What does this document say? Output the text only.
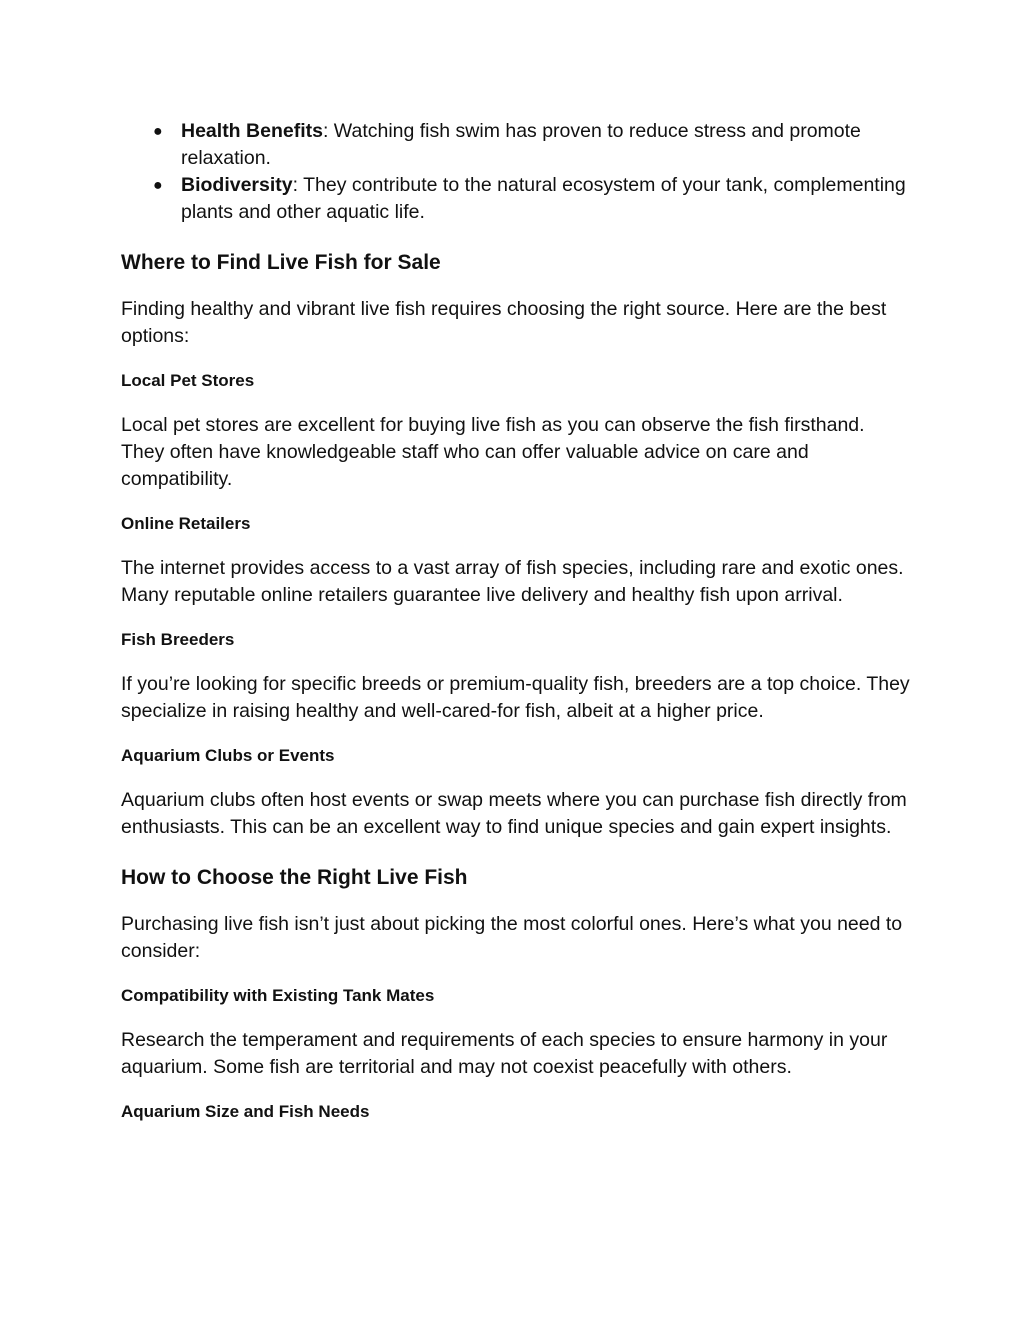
● Health Benefits: Watching fish swim has proven to reduce stress and promote relaxation.
● Biodiversity: They contribute to the natural ecosystem of your tank, complementing plants and other aquatic life.
Where to Find Live Fish for Sale

Finding healthy and vibrant live fish requires choosing the right source. Here are the best options:

Local Pet Stores

Local pet stores are excellent for buying live fish as you can observe the fish firsthand. They often have knowledgeable staff who can offer valuable advice on care and compatibility.

Online Retailers

The internet provides access to a vast array of fish species, including rare and exotic ones. Many reputable online retailers guarantee live delivery and healthy fish upon arrival.

Fish Breeders

If you’re looking for specific breeds or premium-quality fish, breeders are a top choice. They specialize in raising healthy and well-cared-for fish, albeit at a higher price.

Aquarium Clubs or Events

Aquarium clubs often host events or swap meets where you can purchase fish directly from enthusiasts. This can be an excellent way to find unique species and gain expert insights.

How to Choose the Right Live Fish

Purchasing live fish isn’t just about picking the most colorful ones. Here’s what you need to consider:

Compatibility with Existing Tank Mates

Research the temperament and requirements of each species to ensure harmony in your aquarium. Some fish are territorial and may not coexist peacefully with others.

Aquarium Size and Fish Needs
